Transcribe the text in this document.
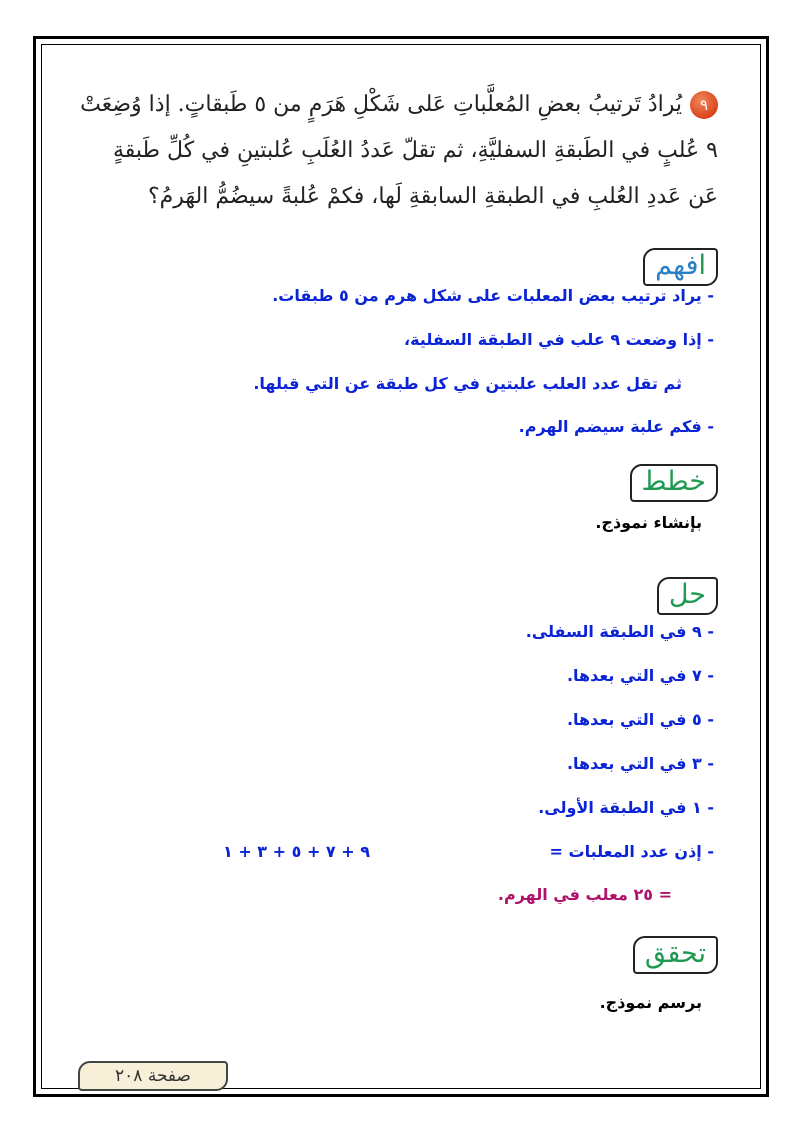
٩يُرادُ تَرتيبُ بعضِ المُعلَّباتِ عَلى شَكْلِ هَرَمٍ من ٥ طَبقاتٍ. إذا وُضِعَتْ
٩ عُلبٍ في الطَبقةِ السفليَّةِ، ثم تقلّ عَددُ العُلَبِ عُلبتينِ في كُلِّ طَبقةٍ
عَن عَددِ العُلبِ في الطبقةِ السابقةِ لَها، فكمْ عُلبةً سيضُمُّ الهَرمُ؟
افهم
- يراد ترتيب بعض المعلبات على شكل هرم من ٥ طبقات.
- إذا وضعت ٩ علب في الطبقة السفلية،
ثم تقل عدد العلب علبتين في كل طبقة عن التي قبلها.
- فكم علبة سيضم الهرم.
خطط
بإنشاء نموذج.
حل
- ٩ في الطبقة السفلى.
- ٧ في التي بعدها.
- ٥ في التي بعدها.
- ٣ في التي بعدها.
- ١ في الطبقة الأولى.
- إذن عدد المعلبات =
٩ + ٧ + ٥ + ٣ + ١
= ٢٥ معلب في الهرم.
تحقق
برسم نموذج.
صفحة ٢٠٨
